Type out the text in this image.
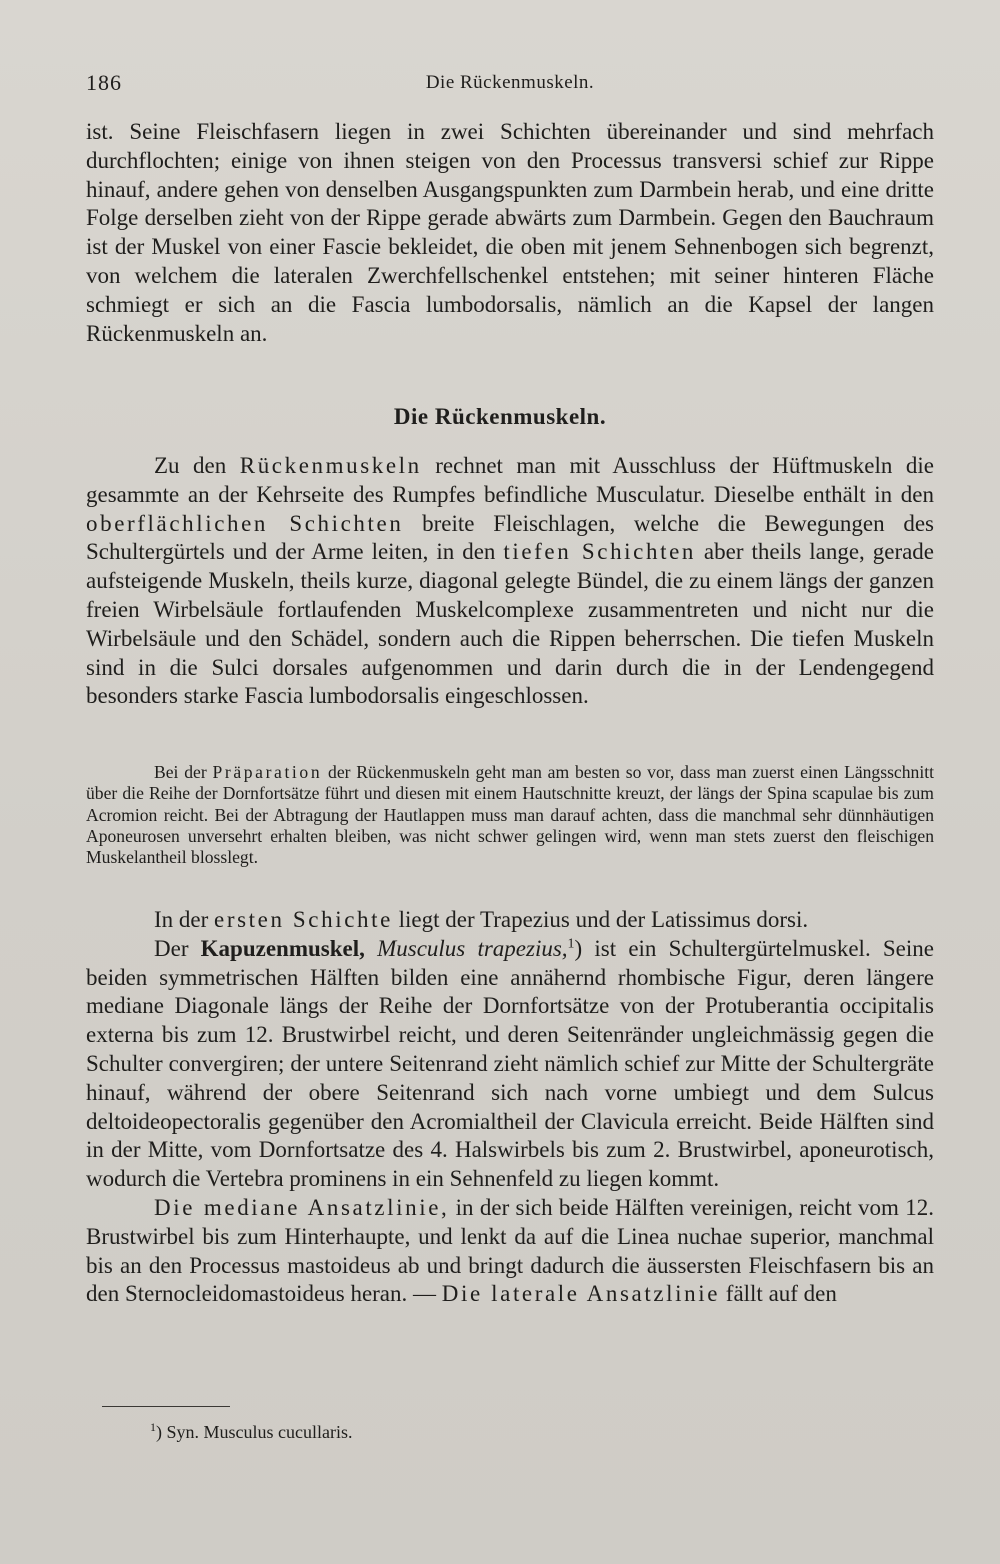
186	Die Rückenmuskeln.

ist. Seine Fleischfasern liegen in zwei Schichten übereinander und sind mehrfach durchflochten; einige von ihnen steigen von den Processus transversi schief zur Rippe hinauf, andere gehen von denselben Ausgangspunkten zum Darmbein herab, und eine dritte Folge derselben zieht von der Rippe gerade abwärts zum Darmbein. Gegen den Bauchraum ist der Muskel von einer Fascie bekleidet, die oben mit jenem Sehnenbogen sich begrenzt, von welchem die lateralen Zwerchfellschenkel entstehen; mit seiner hinteren Fläche schmiegt er sich an die Fascia lumbodorsalis, nämlich an die Kapsel der langen Rückenmuskeln an.

Die Rückenmuskeln.

Zu den Rückenmuskeln rechnet man mit Ausschluss der Hüftmuskeln die gesammte an der Kehrseite des Rumpfes befindliche Musculatur. Dieselbe enthält in den oberflächlichen Schichten breite Fleischlagen, welche die Bewegungen des Schultergürtels und der Arme leiten, in den tiefen Schichten aber theils lange, gerade aufsteigende Muskeln, theils kurze, diagonal gelegte Bündel, die zu einem längs der ganzen freien Wirbelsäule fortlaufenden Muskelcomplexe zusammentreten und nicht nur die Wirbelsäule und den Schädel, sondern auch die Rippen beherrschen. Die tiefen Muskeln sind in die Sulci dorsales aufgenommen und darin durch die in der Lendengegend besonders starke Fascia lumbodorsalis eingeschlossen.

Bei der Präparation der Rückenmuskeln geht man am besten so vor, dass man zuerst einen Längsschnitt über die Reihe der Dornfortsätze führt und diesen mit einem Hautschnitte kreuzt, der längs der Spina scapulae bis zum Acromion reicht. Bei der Abtragung der Hautlappen muss man darauf achten, dass die manchmal sehr dünnhäutigen Aponeurosen unversehrt erhalten bleiben, was nicht schwer gelingen wird, wenn man stets zuerst den fleischigen Muskelantheil blosslegt.

In der ersten Schichte liegt der Trapezius und der Latissimus dorsi.

Der Kapuzenmuskel, Musculus trapezius,$^1$) ist ein Schultergürtelmuskel. Seine beiden symmetrischen Hälften bilden eine annähernd rhombische Figur, deren längere mediane Diagonale längs der Reihe der Dornfortsätze von der Protuberantia occipitalis externa bis zum 12. Brustwirbel reicht, und deren Seitenränder ungleichmässig gegen die Schulter convergiren; der untere Seitenrand zieht nämlich schief zur Mitte der Schultergräte hinauf, während der obere Seitenrand sich nach vorne umbiegt und dem Sulcus deltoideopectoralis gegenüber den Acromialtheil der Clavicula erreicht. Beide Hälften sind in der Mitte, vom Dornfortsatze des 4. Halswirbels bis zum 2. Brustwirbel, aponeurotisch, wodurch die Vertebra prominens in ein Sehnenfeld zu liegen kommt.

Die mediane Ansatzlinie, in der sich beide Hälften vereinigen, reicht vom 12. Brustwirbel bis zum Hinterhaupte, und lenkt da auf die Linea nuchae superior, manchmal bis an den Processus mastoideus ab und bringt dadurch die äussersten Fleischfasern bis an den Sternocleidomastoideus heran. — Die laterale Ansatzlinie fällt auf den

$^1$) Syn. Musculus cucullaris.
